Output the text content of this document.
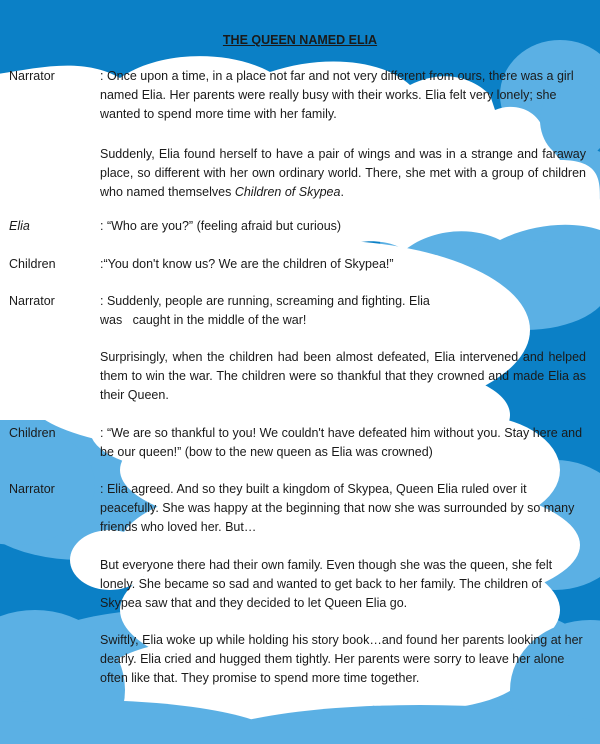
THE QUEEN NAMED ELIA
Narrator	: Once upon a time, in a place not far and not very different from ours, there was a girl named Elia. Her parents were really busy with their works. Elia felt very lonely; she wanted to spend more time with her family.
Suddenly, Elia found herself to have a pair of wings and was in a strange and faraway place, so different with her own ordinary world. There, she met with a group of children who named themselves Children of Skypea.
Elia	: “Who are you?” (feeling afraid but curious)
Children	:“You don't know us? We are the children of Skypea!”
Narrator	: Suddenly, people are running, screaming and fighting. Elia
was   caught in the middle of the war!
Surprisingly, when the children had been almost defeated, Elia intervened and helped them to win the war. The children were so thankful that they crowned and made Elia as their Queen.
Children	: “We are so thankful to you! We couldn't have defeated him without you. Stay here and be our queen!” (bow to the new queen as Elia was crowned)
Narrator	: Elia agreed. And so they built a kingdom of Skypea, Queen Elia ruled over it peacefully. She was happy at the beginning that now she was surrounded by so many friends who loved her. But…
But everyone there had their own family. Even though she was the queen, she felt lonely. She became so sad and wanted to get back to her family. The children of Skypea saw that and they decided to let Queen Elia go.
Swiftly, Elia woke up while holding his story book…and found her parents looking at her dearly. Elia cried and hugged them tightly. Her parents were sorry to leave her alone often like that. They promise to spend more time together.
